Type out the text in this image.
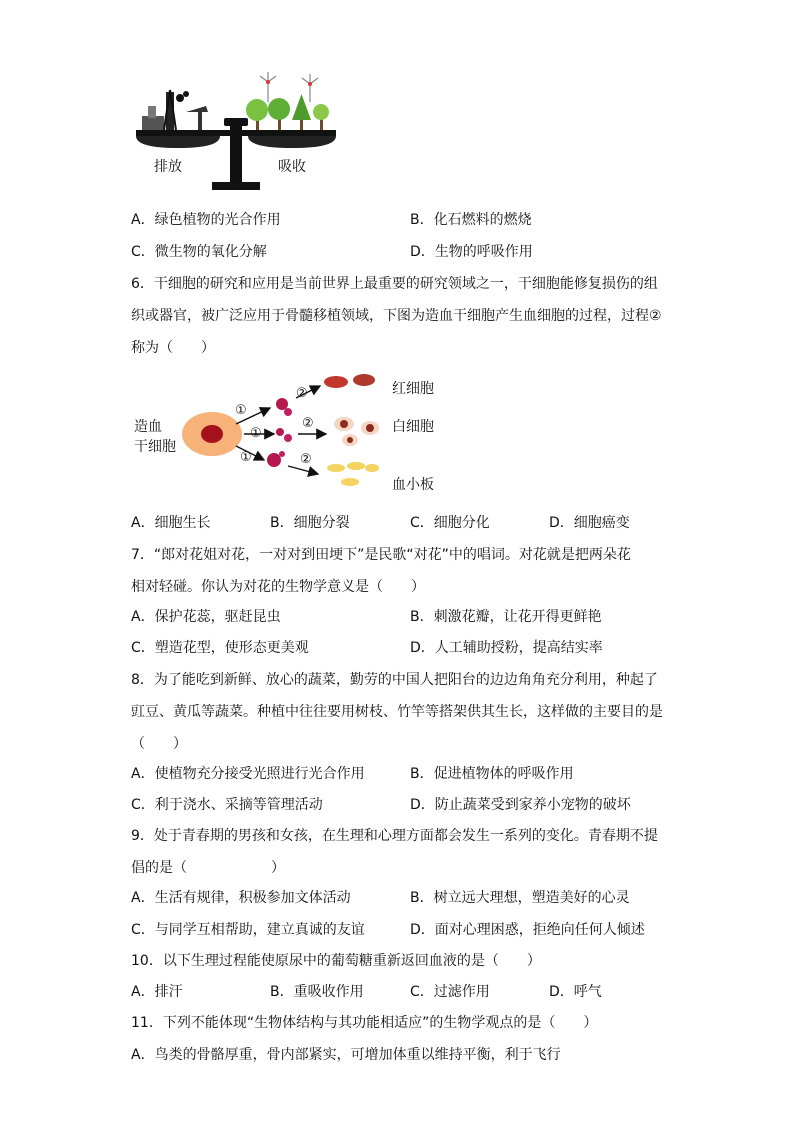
排放	吸收
A．绿色植物的光合作用	B．化石燃料的燃烧
C．微生物的氧化分解	D．生物的呼吸作用
6．干细胞的研究和应用是当前世界上最重要的研究领域之一，干细胞能修复损伤的组
织或器官，被广泛应用于骨髓移植领域，下图为造血干细胞产生血细胞的过程，过程②
称为（　　）
造血
干细胞
①
①
①
②
②
②
红细胞
白细胞
血小板
A．细胞生长	B．细胞分裂	C．细胞分化	D．细胞癌变
7．“郎对花姐对花，一对对到田埂下”是民歌“对花”中的唱词。对花就是把两朵花
相对轻碰。你认为对花的生物学意义是（　　）
A．保护花蕊，驱赶昆虫	B．刺激花瓣，让花开得更鲜艳
C．塑造花型，使形态更美观	D．人工辅助授粉，提高结实率
8．为了能吃到新鲜、放心的蔬菜，勤劳的中国人把阳台的边边角角充分利用，种起了
豇豆、黄瓜等蔬菜。种植中往往要用树枝、竹竿等搭架供其生长，这样做的主要目的是
（　　）
A．使植物充分接受光照进行光合作用	B．促进植物体的呼吸作用
C．利于浇水、采摘等管理活动	D．防止蔬菜受到家养小宠物的破坏
9．处于青春期的男孩和女孩，在生理和心理方面都会发生一系列的变化。青春期不提
倡的是（　　　　　　）
A．生活有规律，积极参加文体活动	B．树立远大理想，塑造美好的心灵
C．与同学互相帮助，建立真诚的友谊	D．面对心理困惑，拒绝向任何人倾述
10．以下生理过程能使原尿中的葡萄糖重新返回血液的是（　　）
A．排汗	B．重吸收作用	C．过滤作用	D．呼气
11．下列不能体现“生物体结构与其功能相适应”的生物学观点的是（　　）
A．鸟类的骨骼厚重，骨内部紧实，可增加体重以维持平衡，利于飞行
